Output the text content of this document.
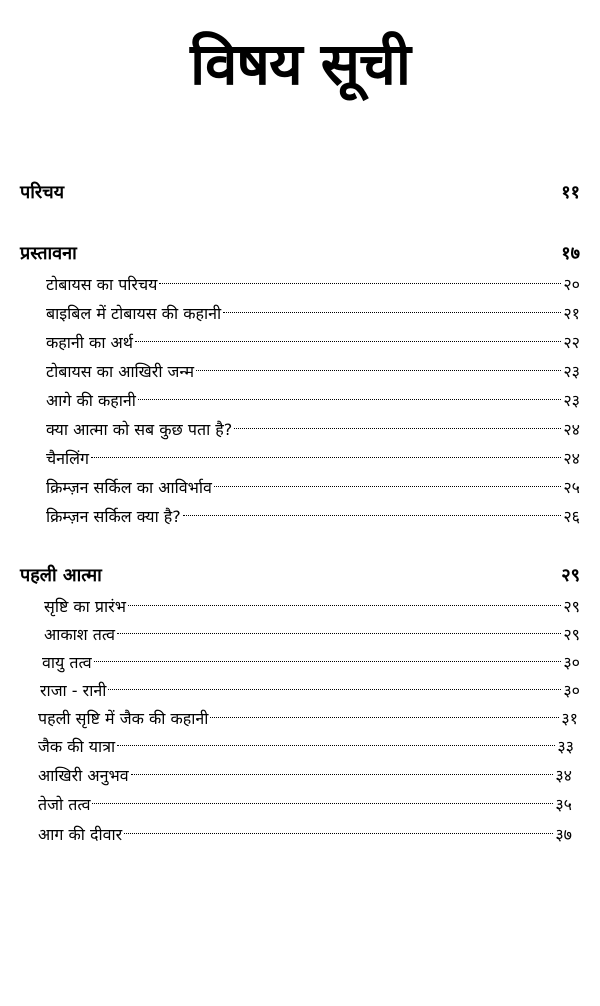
विषय सूची
परिचय	११
प्रस्तावना	१७
टोबायस का परिचय	२०
बाइबिल में टोबायस की कहानी	२१
कहानी का अर्थ	२२
टोबायस का आखिरी जन्म	२३
आगे की कहानी	२३
क्या आत्मा को सब कुछ पता है?	२४
चैनलिंग	२४
क्रिम्ज़न सर्किल का आविर्भाव	२५
क्रिम्ज़न सर्किल क्या है?	२६
पहली आत्मा	२९
सृष्टि का प्रारंभ	२९
आकाश तत्व	२९
वायु तत्व	३०
राजा - रानी	३०
पहली सृष्टि में जैक की कहानी	३१
जैक की यात्रा	३३
आखिरी अनुभव	३४
तेजो तत्व	३५
आग की दीवार	३७
